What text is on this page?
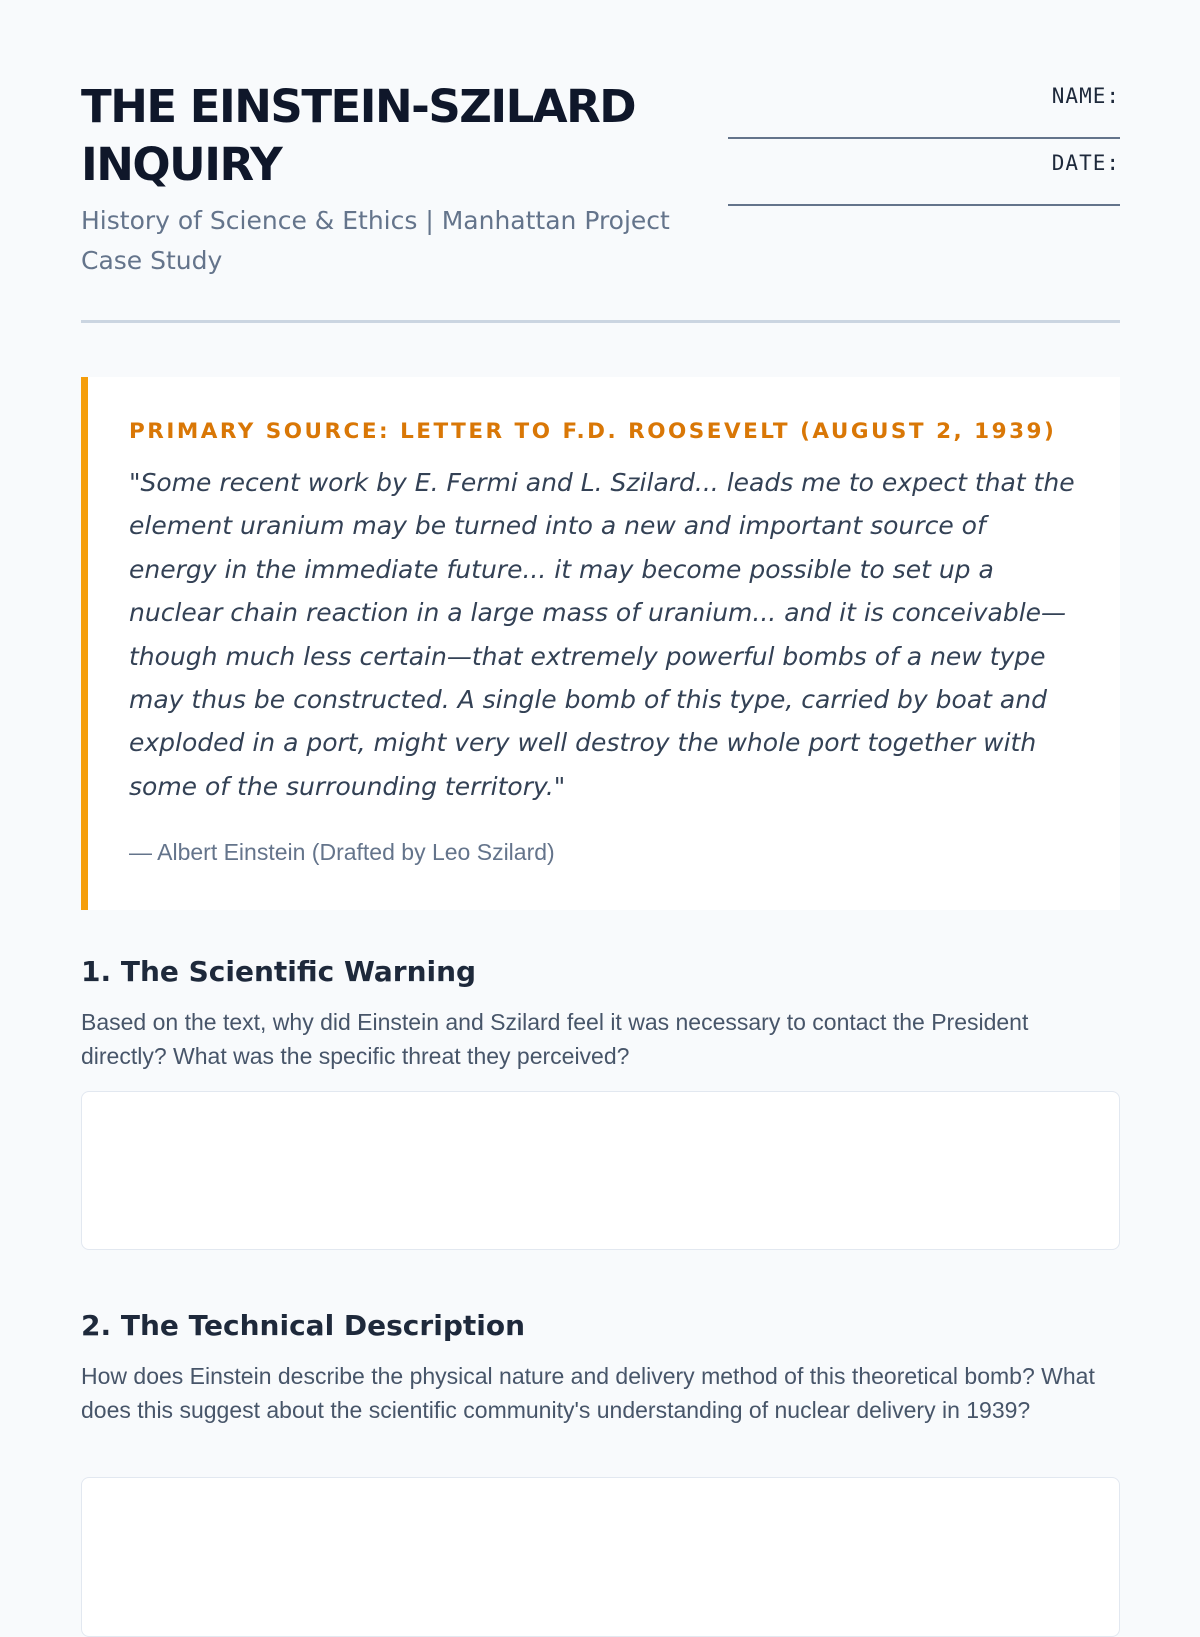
THE EINSTEIN-SZILARD INQUIRY
History of Science & Ethics | Manhattan Project Case Study
NAME:
DATE:
PRIMARY SOURCE: LETTER TO F.D. ROOSEVELT (AUGUST 2, 1939)

"Some recent work by E. Fermi and L. Szilard... leads me to expect that the element uranium may be turned into a new and important source of energy in the immediate future... it may become possible to set up a nuclear chain reaction in a large mass of uranium... and it is conceivable—though much less certain—that extremely powerful bombs of a new type may thus be constructed. A single bomb of this type, carried by boat and exploded in a port, might very well destroy the whole port together with some of the surrounding territory."

— Albert Einstein (Drafted by Leo Szilard)
1. The Scientific Warning

Based on the text, why did Einstein and Szilard feel it was necessary to contact the President directly? What was the specific threat they perceived?

2. The Technical Description

How does Einstein describe the physical nature and delivery method of this theoretical bomb? What does this suggest about the scientific community's understanding of nuclear delivery in 1939?
